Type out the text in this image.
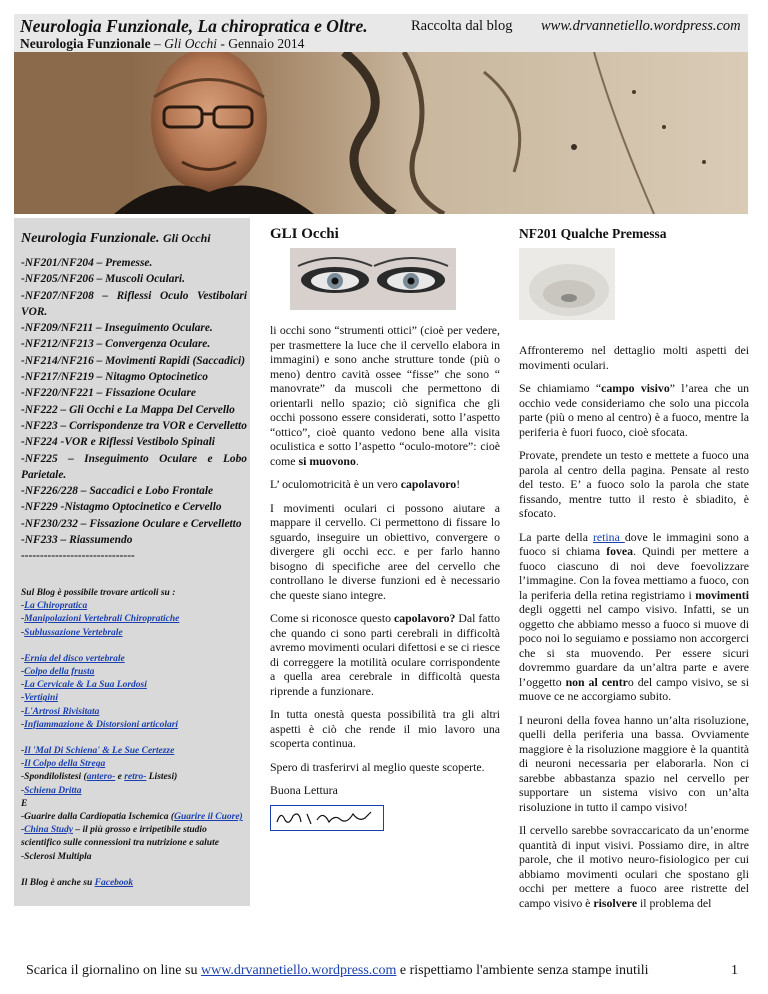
Neurologia Funzionale, La chiropratica e Oltre.	Raccolta dal blog www.drvannetiello.wordpress.com
Neurologia Funzionale – Gli Occhi - Gennaio 2014
Neurologia Funzionale. Gli Occhi
-NF201/NF204 – Premesse.
-NF205/NF206 – Muscoli Oculari.
-NF207/NF208 – Riflessi Oculo Vestibolari VOR.
-NF209/NF211 – Inseguimento Oculare.
-NF212/NF213 – Convergenza Oculare.
-NF214/NF216 – Movimenti Rapidi (Saccadici)
-NF217/NF219 – Nitagmo Optocinetico
-NF220/NF221 – Fissazione Oculare
-NF222 – Gli Occhi e La Mappa Del Cervello
-NF223 – Corrispondenze tra VOR e Cervelletto
-NF224 -VOR e Riflessi Vestibolo Spinali
-NF225 – Inseguimento Oculare e Lobo Parietale.
-NF226/228 – Saccadici e Lobo Frontale
-NF229 -Nistagmo Optocinetico e Cervello
-NF230/232 – Fissazione Oculare e Cervelletto
-NF233 – Riassumendo
------------------------------
Sul Blog è possibile trovare articoli su :
-La Chiropratica
-Manipolazioni Vertebrali Chiropratiche
-Sublussazione Vertebrale
-Ernia del disco vertebrale
-Colpo della frusta
-La Cervicale & La Sua Lordosi
-Vertigini
-L'Artrosi Rivisitata
-Infiammazione & Distorsioni articolari
-Il 'Mal Di Schiena' & Le Sue Certezze
-Il Colpo della Strega
-Spondilolistesi (antero- e retro- Listesi)
-Schiena Dritta
E
-Guarire dalla Cardiopatia Ischemica (Guarire il Cuore)
-China Study – il più grosso e irripetibile studio scientifico sulle connessioni tra nutrizione e salute
-Sclerosi Multipla
Il Blog è anche su Facebook
GLI Occhi

li occhi sono “strumenti ottici” (cioè per vedere, per trasmettere la luce che il cervello elabora in immagini) e sono anche strutture tonde (più o meno) dentro cavità ossee “fisse” che sono “ manovrate” da muscoli che permettono di orientarli nello spazio; ciò significa che gli occhi possono essere considerati, sotto l’aspetto “ottico”, cioè quanto vedono bene alla visita oculistica e sotto l’aspetto “oculo-motore”: cioè come si muovono.

L’ oculomotricità è un vero capolavoro!

I movimenti oculari ci possono aiutare a mappare il cervello. Ci permettono di fissare lo sguardo, inseguire un obiettivo, convergere o divergere gli occhi ecc. e per farlo hanno bisogno di specifiche aree del cervello che controllano le diverse funzioni ed è necessario che queste siano integre.

Come si riconosce questo capolavoro? Dal fatto che quando ci sono parti cerebrali in difficoltà avremo movimenti oculari difettosi e se ci riesce di correggere la motilità oculare corrispondente a quella area cerebrale in difficoltà questa riprende a funzionare.

In tutta onestà questa possibilità tra gli altri aspetti è ciò che rende il mio lavoro una scoperta continua.

Spero di trasferirvi al meglio queste scoperte.

Buona Lettura

NF201 Qualche Premessa

Affronteremo nel dettaglio molti aspetti dei movimenti oculari.

Se chiamiamo “campo visivo” l’area che un occhio vede consideriamo che solo una piccola parte (più o meno al centro) è a fuoco, mentre la periferia è fuori fuoco, cioè sfocata.

Provate, prendete un testo e mettete a fuoco una parola al centro della pagina. Pensate al resto del testo. E’ a fuoco solo la parola che state fissando, mentre tutto il resto è sbiadito, è sfocato.

La parte della retina dove le immagini sono a fuoco si chiama fovea. Quindi per mettere a fuoco ciascuno di noi deve foevolizzare l’immagine. Con la fovea mettiamo a fuoco, con la periferia della retina registriamo i movimenti degli oggetti nel campo visivo. Infatti, se un oggetto che abbiamo messo a fuoco si muove di poco noi lo seguiamo e possiamo non accorgerci che si sta muovendo. Per essere sicuri dovremmo guardare da un’altra parte e avere l’oggetto non al centro del campo visivo, se si muove ce ne accorgiamo subito.

I neuroni della fovea hanno un’alta risoluzione, quelli della periferia una bassa. Ovviamente maggiore è la risoluzione maggiore è la quantità di neuroni necessaria per elaborarla. Non ci sarebbe abbastanza spazio nel cervello per supportare un sistema visivo con un’alta risoluzione in tutto il campo visivo!

Il cervello sarebbe sovraccaricato da un’enorme quantità di input visivi. Possiamo dire, in altre parole, che il motivo neuro-fisiologico per cui abbiamo movimenti oculari che spostano gli occhi per mettere a fuoco aree ristrette del campo visivo è risolvere il problema del

Scarica il giornalino on line su www.drvannetiello.wordpress.com e rispettiamo l'ambiente senza stampe inutili	1
